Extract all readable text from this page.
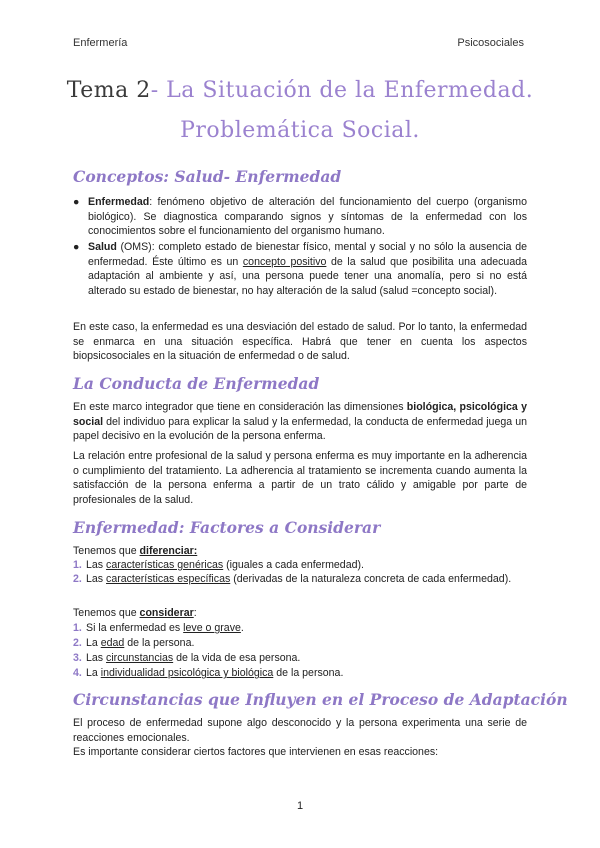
Enfermería	Psicosociales
Tema 2- La Situación de la Enfermedad.
Problemática Social.
Conceptos: Salud- Enfermedad
● Enfermedad: fenómeno objetivo de alteración del funcionamiento del cuerpo (organismo biológico). Se diagnostica comparando signos y síntomas de la enfermedad con los conocimientos sobre el funcionamiento del organismo humano.
● Salud (OMS): completo estado de bienestar físico, mental y social y no sólo la ausencia de enfermedad. Éste último es un concepto positivo de la salud que posibilita una adecuada adaptación al ambiente y así, una persona puede tener una anomalía, pero si no está alterado su estado de bienestar, no hay alteración de la salud (salud =concepto social).
En este caso, la enfermedad es una desviación del estado de salud. Por lo tanto, la enfermedad se enmarca en una situación específica. Habrá que tener en cuenta los aspectos biopsicosociales en la situación de enfermedad o de salud.
La Conducta de Enfermedad
En este marco integrador que tiene en consideración las dimensiones biológica, psicológica y social del individuo para explicar la salud y la enfermedad, la conducta de enfermedad juega un papel decisivo en la evolución de la persona enferma.
La relación entre profesional de la salud y persona enferma es muy importante en la adherencia o cumplimiento del tratamiento. La adherencia al tratamiento se incrementa cuando aumenta la satisfacción de la persona enferma a partir de un trato cálido y amigable por parte de profesionales de la salud.
Enfermedad: Factores a Considerar
Tenemos que diferenciar:
1. Las características genéricas (iguales a cada enfermedad).
2. Las características específicas (derivadas de la naturaleza concreta de cada enfermedad).
Tenemos que considerar:
1. Si la enfermedad es leve o grave.
2. La edad de la persona.
3. Las circunstancias de la vida de esa persona.
4. La individualidad psicológica y biológica de la persona.
Circunstancias que Influyen en el Proceso de Adaptación
El proceso de enfermedad supone algo desconocido y la persona experimenta una serie de reacciones emocionales.
Es importante considerar ciertos factores que intervienen en esas reacciones:
1
